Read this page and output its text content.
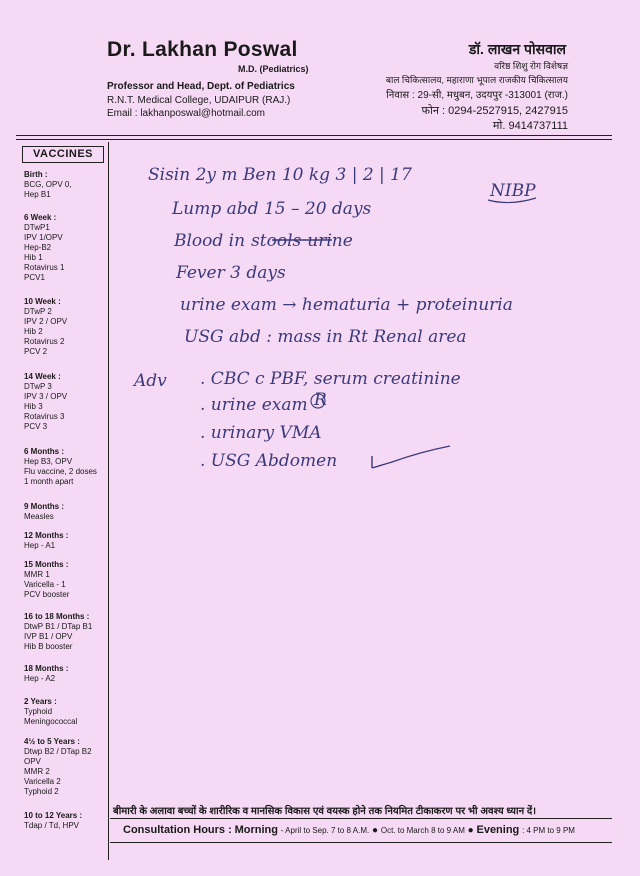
Dr. Lakhan Poswal
M.D. (Pediatrics)
Professor and Head, Dept. of Pediatrics
R.N.T. Medical College, UDAIPUR (RAJ.)
Email : lakhanposwal@hotmail.com
डॉ. लाखन पोसवाल
वरिष्ठ शिशु रोग विशेषज्ञ
बाल चिकित्सालय, महाराणा भूपाल राजकीय चिकित्सालय
निवास : 29-सी, मधुबन, उदयपुर -313001 (राज.)
फोन : 0294-2527915, 2427915
मो. 9414737111
VACCINES
Birth :
BCG, OPV 0,
Hep B1
6 Week :
DTwP1
IPV 1/OPV
Hep-B2
Hib 1
Rotavirus 1
PCV1
10 Week :
DTwP 2
IPV 2 / OPV
Hib 2
Rotavirus 2
PCV 2
14 Week :
DTwP 3
IPV 3 / OPV
Hib 3
Rotavirus 3
PCV 3
6 Months :
Hep B3, OPV
Flu vaccine, 2 doses
1 month apart
9 Months :
Measles
12 Months :
Hep - A1
15 Months :
MMR 1
Varicella - 1
PCV booster
16 to 18 Months :
DtwP B1 / DTap B1
IVP B1 / OPV
Hib B booster
18 Months :
Hep - A2
2 Years :
Typhoid
Meningococcal
4½ to 5 Years :
Dtwp B2 / DTap B2
OPV
MMR 2
Varicella 2
Typhoid 2
10 to 12 Years :
Tdap / Td, HPV
Sisin 2y m Ben 10 kg 3 | 2 | 17
NIBP
Lump abd 15 – 20 days
Blood in stools urine
Fever 3 days
urine exam → hematuria + proteinuria
USG abd : mass in Rt Renal area
Adv . CBC c PBF, serum creatinine
. urine exam R
. urinary VMA
. USG Abdomen
बीमारी के अलावा बच्चों के शारीरिक व मानसिक विकास एवं वयस्क होने तक नियमित टीकाकरण पर भी अवश्य ध्यान दें।
Consultation Hours : Morning - April to Sep. 7 to 8 A.M. ● Oct. to March 8 to 9 AM ● Evening : 4 PM to 9 PM
